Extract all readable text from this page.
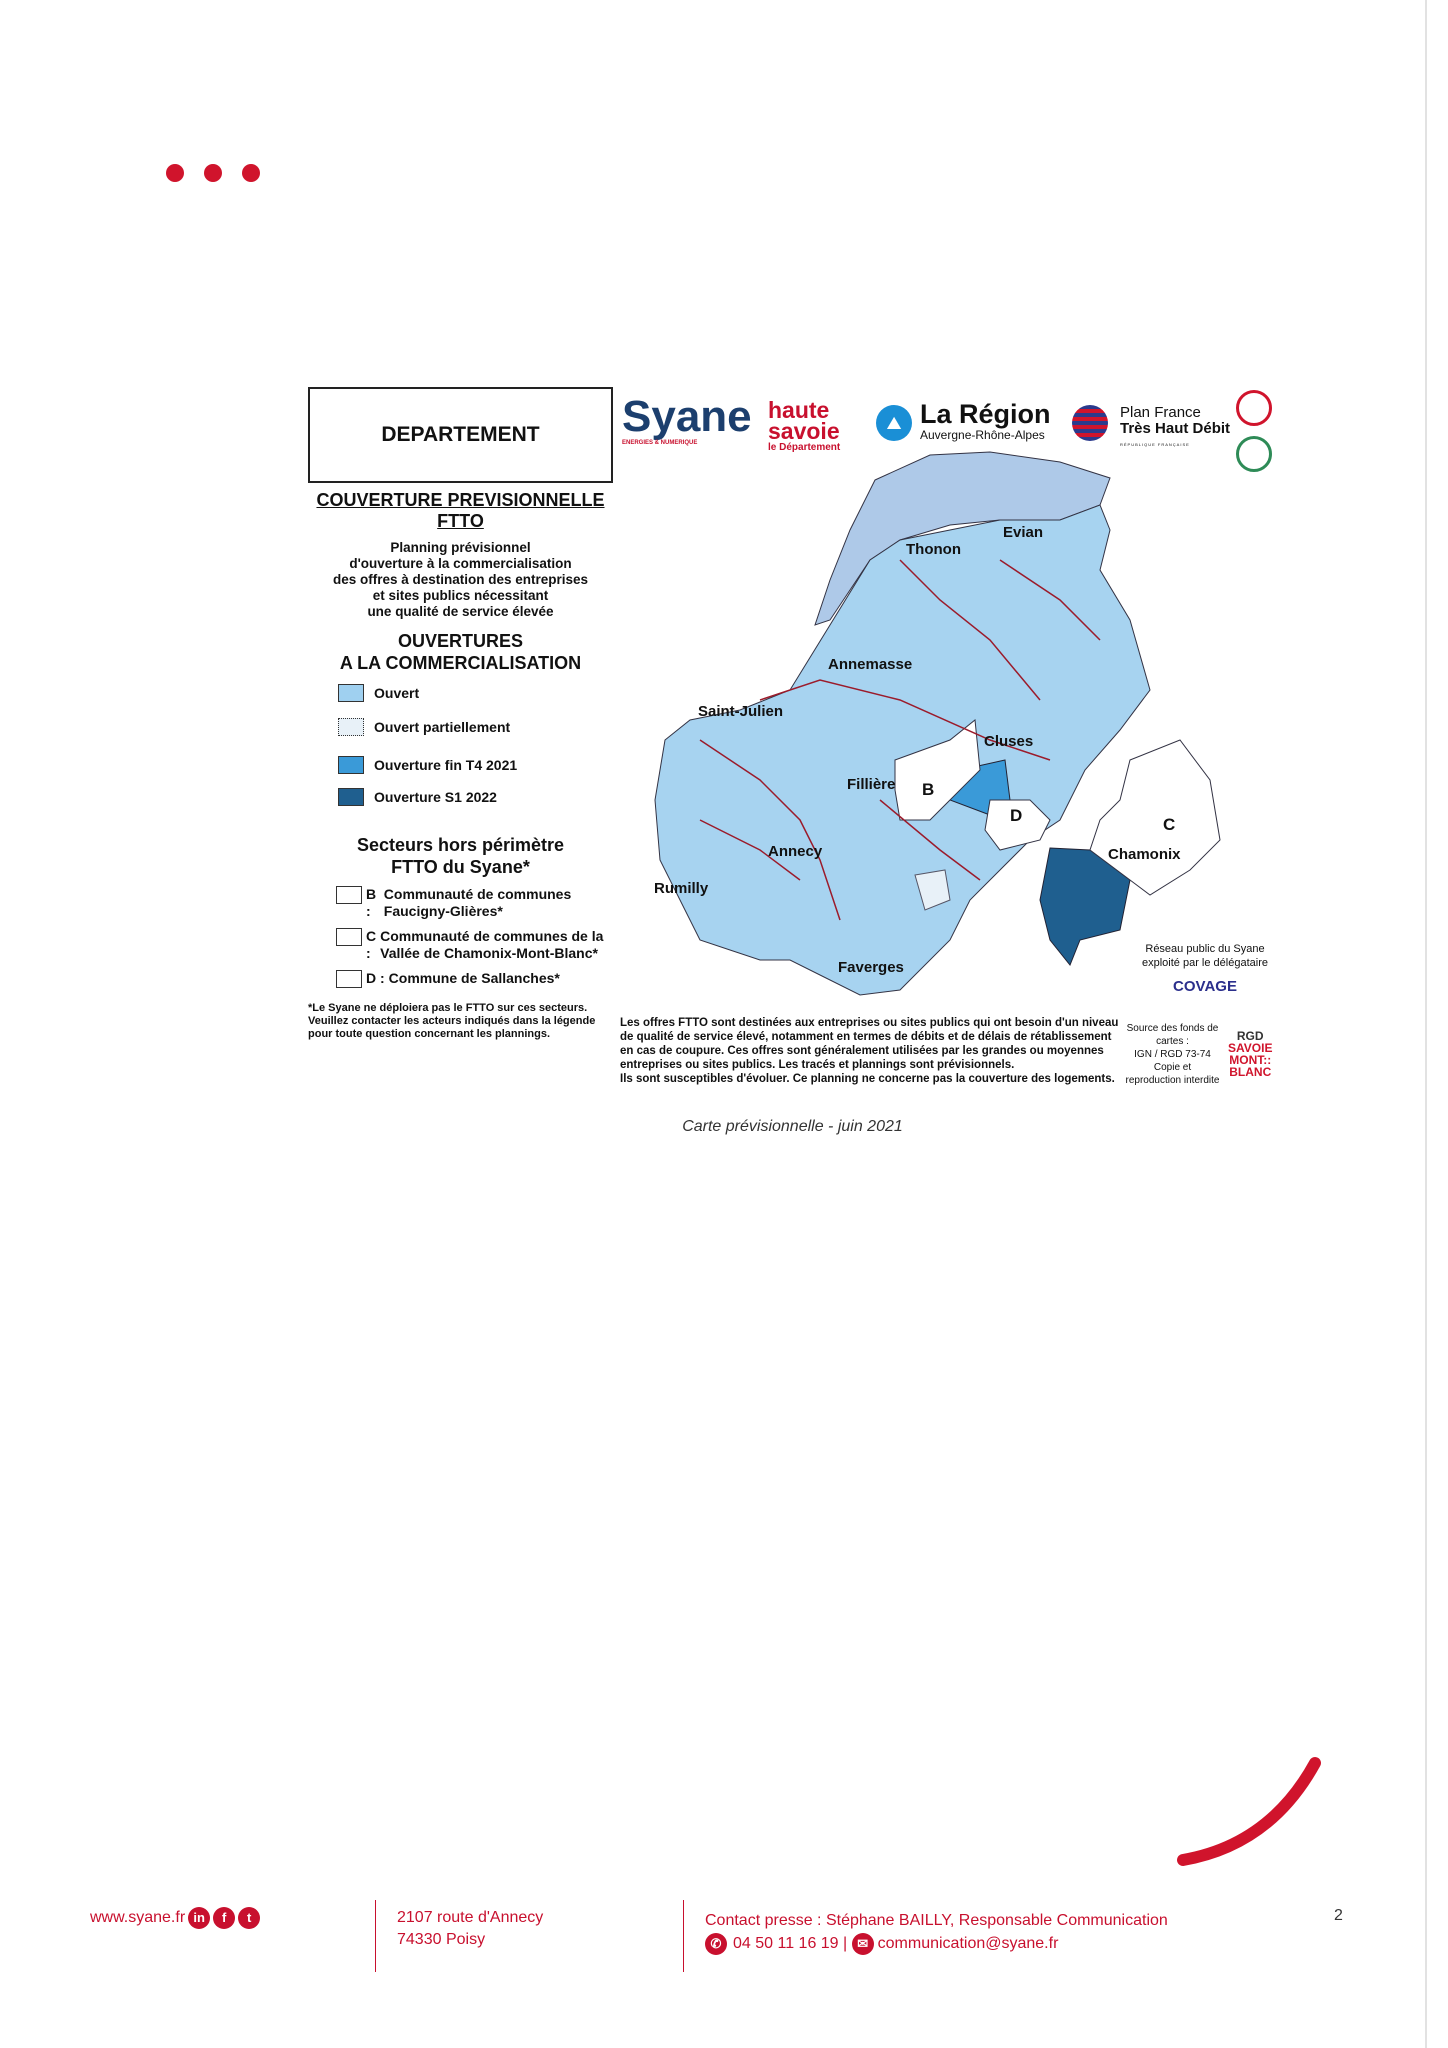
DEPARTEMENT
COUVERTURE PREVISIONNELLE
FTTO
Planning prévisionnel
d'ouverture à la commercialisation
des offres à destination des entreprises
et sites publics nécessitant
une qualité de service élevée
OUVERTURES
A LA COMMERCIALISATION
Ouvert
Ouvert partiellement
Ouverture fin T4 2021
Ouverture S1 2022
Secteurs hors périmètre
FTTO du Syane*
B :
Communauté de communes Faucigny-Glières*
C :
Communauté de communes de la Vallée de Chamonix-Mont-Blanc*
D : Commune de Sallanches*
*Le Syane ne déploiera pas le FTTO sur ces secteurs. Veuillez contacter les acteurs indiqués dans la légende pour toute question concernant les plannings.
Syane
ENERGIES & NUMERIQUE
haute
savoie
le Département
⛰ La Région
Auvergne-Rhône-Alpes
Plan France
Très Haut Débit
RÉPUBLIQUE FRANÇAISE
Thonon
Evian
Annemasse
Saint-Julien
Cluses
Fillière
Annecy
Rumilly
Faverges
Chamonix
B
D	C
Réseau public du Syane
exploité par le délégataire
COVAGE
Les offres FTTO sont destinées aux entreprises ou sites publics qui ont besoin d'un niveau de qualité de service élevé, notamment en termes de débits et de délais de rétablissement en cas de coupure. Ces offres sont généralement utilisées par les grandes ou moyennes entreprises ou sites publics. Les tracés et plannings sont prévisionnels.
Ils sont susceptibles d'évoluer. Ce planning ne concerne pas la couverture des logements.
Source des fonds de cartes :
IGN / RGD 73-74
Copie et reproduction interdite
RGD
SAVOIE
MONT::
BLANC
Carte prévisionnelle - juin 2021
www.syane.fr in	f	t	2107 route d'Annecy
74330 Poisy
Contact presse : Stéphane BAILLY, Responsable Communication
✆ 04 50 11 16 19 | ✉ communication@syane.fr
2
